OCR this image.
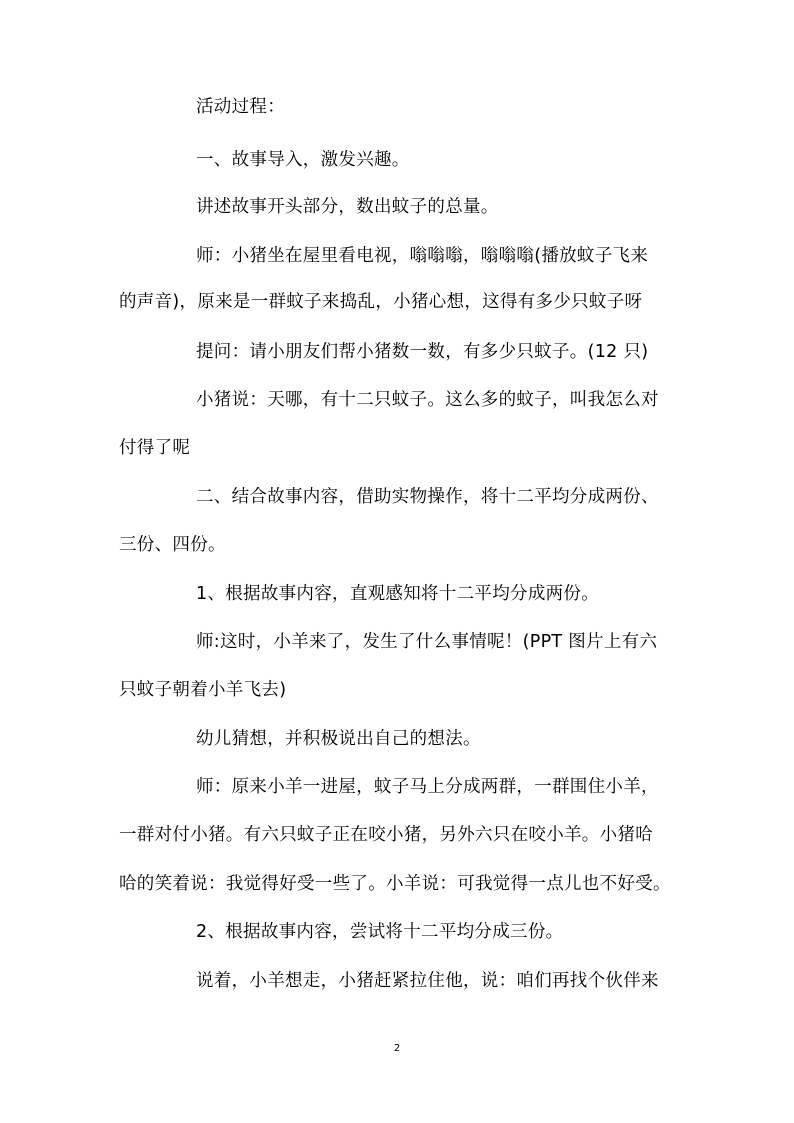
活动过程：
一、故事导入，激发兴趣。
讲述故事开头部分，数出蚊子的总量。
师：小猪坐在屋里看电视，嗡嗡嗡，嗡嗡嗡(播放蚊子飞来
的声音)，原来是一群蚊子来捣乱，小猪心想，这得有多少只蚊子呀
提问：请小朋友们帮小猪数一数，有多少只蚊子。(12 只)
小猪说：天哪，有十二只蚊子。这么多的蚊子，叫我怎么对
付得了呢
二、结合故事内容，借助实物操作，将十二平均分成两份、
三份、四份。
1、根据故事内容，直观感知将十二平均分成两份。
师:这时，小羊来了，发生了什么事情呢！(PPT 图片上有六
只蚊子朝着小羊飞去)
幼儿猜想，并积极说出自己的想法。
师：原来小羊一进屋，蚊子马上分成两群，一群围住小羊，
一群对付小猪。有六只蚊子正在咬小猪，另外六只在咬小羊。小猪哈
哈的笑着说：我觉得好受一些了。小羊说：可我觉得一点儿也不好受。
2、根据故事内容，尝试将十二平均分成三份。
说着，小羊想走，小猪赶紧拉住他，说：咱们再找个伙伴来
2
